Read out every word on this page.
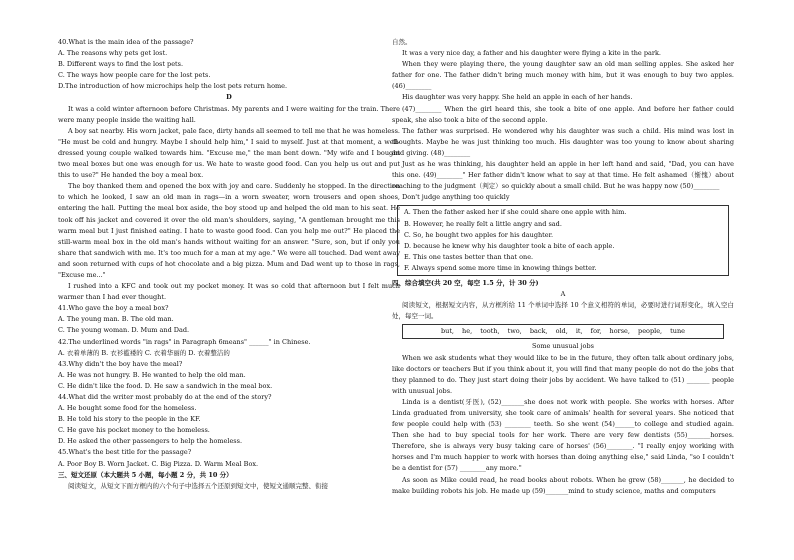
40.What is the main idea of the passage?

A. The reasons why pets get lost.

B. Different ways to find the lost pets.

C. The ways how people care for the lost pets.

D.The introduction of how microchips help the lost pets return home.

D

It was a cold winter afternoon before Christmas. My parents and I were waiting for the train. There were many people inside the waiting hall.

A boy sat nearby. His worn jacket, pale face, dirty hands all seemed to tell me that he was homeless. "He must be cold and hungry. Maybe I should help him," I said to myself. Just at that moment, a well-dressed young couple walked towards him. "Excuse me," the man bent down. "My wife and I bought two meal boxes but one was enough for us. We hate to waste good food. Can you help us out and put this to use?" He handed the boy a meal box.

The boy thanked them and opened the box with joy and care. Suddenly he stopped. In the direction to which he looked, I saw an old man in rags—in a worn sweater, worn trousers and open shoes, entering the hall. Putting the meal box aside, the boy stood up and helped the old man to his seat. He took off his jacket and covered it over the old man's shoulders, saying, "A gentleman brought me this warm meal but I just finished eating. I hate to waste good food. Can you help me out?" He placed the still-warm meal box in the old man's hands without waiting for an answer. "Sure, son, but if only you share that sandwich with me. It's too much for a man at my age." We were all touched. Dad went away and soon returned with cups of hot chocolate and a big pizza. Mum and Dad went up to those in rags, "Excuse me..."

I rushed into a KFC and took out my pocket money. It was so cold that afternoon but I felt much warmer than I had ever thought.

41.Who gave the boy a meal box?

A. The young man. B. The old man.

C. The young woman. D. Mum and Dad.

42.The underlined words "in rags" in Paragraph 6means" ______" in Chinese.

A. 衣着单薄的 B. 衣衫褴褛的 C. 衣着华丽的 D. 衣着整洁的

43.Why didn't the boy have the meal?

A. He was not hungry. B. He wanted to help the old man.

C. He didn't like the food. D. He saw a sandwich in the meal box.

44.What did the writer most probably do at the end of the story?

A. He bought some food for the homeless.

B. He told his story to the people in the KF.

C. He gave his pocket money to the homeless.

D. He asked the other passengers to help the homeless.

45.What's the best title for the passage?

A. Poor Boy B. Worn Jacket. C. Big Pizza. D. Warm Meal Box.

三、短文还原（本大题共 5 小题，每小题 2 分，共 10 分）

阅读短文，从短文下面方框内的六个句子中选择五个还原到短文中，使短文通顺完整、衔接

自然。

It was a very nice day, a father and his daughter were flying a kite in the park.

When they were playing there, the young daughter saw an old man selling apples. She asked her father for one. The father didn't bring much money with him, but it was enough to buy two apples. (46)________

His daughter was very happy. She held an apple in each of her hands.

(47)________ When the girl heard this, she took a bite of one apple. And before her father could speak, she also took a bite of the second apple.

The father was surprised. He wondered why his daughter was such a child. His mind was lost in thoughts. Maybe he was just thinking too much. His daughter was too young to know about sharing and giving. (48)________

Just as he was thinking, his daughter held an apple in her left hand and said, "Dad, you can have this one. (49)________" Her father didn't know what to say at that time. He felt ashamed（惭愧）about reaching to the judgment（判定）so quickly about a small child. But he was happy now (50)________

Don't judge anything too quickly

A. Then the father asked her if she could share one apple with him.

B. However, he really felt a little angry and sad.

C. So, he bought two apples for his daughter.

D. because he knew why his daughter took a bite of each apple.

E. This one tastes better than that one.

F. Always spend some more time in knowing things better.

四、综合填空(共 20 空，每空 1.5 分，计 30 分)

A

阅读短文，根据短文内容，从方框所给 11 个单词中选择 10 个意义相符的单词，必要时进行词形变化，填入空白处，每空一词。

but, he, tooth, two, back, old, it, for, horse, people, tune

Some unusual jobs

When we ask students what they would like to be in the future, they often talk about ordinary jobs, like doctors or teachers But if you think about it, you will find that many people do not do the jobs that they planned to do. They just start doing their jobs by accident. We have talked to (51) _______ people with unusual jobs.

Linda is a dentist(牙医), (52)_______she does not work with people. She works with horses. After Linda graduated from university, she took care of animals' health for several years. She noticed that few people could help with (53) ________ teeth. So she went (54)______to college and studied again. Then she had to buy special tools for her work. There are very few dentists (55)_______horses. Therefore, she is always very busy taking care of horses' (56)________. "I really enjoy working with horses and I'm much happier to work with horses than doing anything else," said Linda, "so I couldn't be a dentist for (57) ________any more."

As soon as Mike could read, he read books about robots. When he grew (58)_______, he decided to make building robots his job. He made up (59)_______mind to study science, maths and computers
